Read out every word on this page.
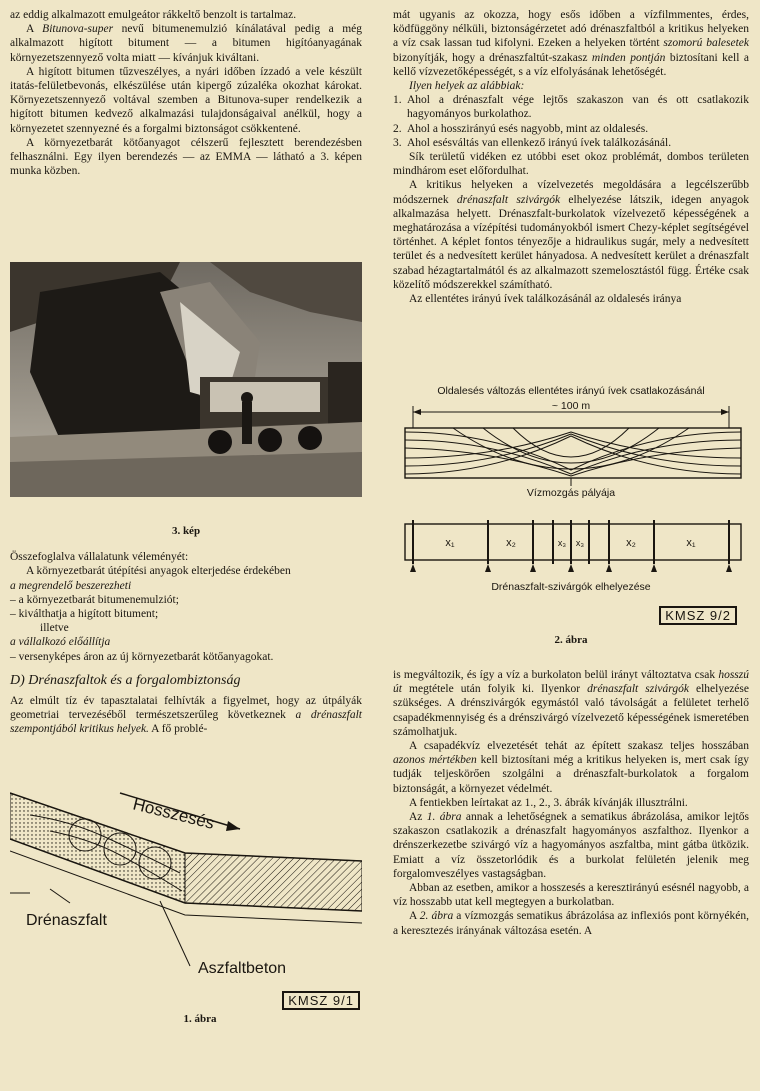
az eddig alkalmazott emulgeátor rákkeltő benzolt is tartalmaz.

A Bitunova-super nevű bitumenemulzió kínálatával pedig a még alkalmazott higított bitument — a bitumen higítóanyagának környezetszennyező volta miatt — kívánjuk kiváltani.

A higított bitumen tűzveszélyes, a nyári időben ízzadó a vele készült itatás-felületbevonás, elkészülése után kipergő zúzaléka okozhat károkat. Környezetszennyező voltával szemben a Bitunova-super rendelkezik a higított bitumen kedvező alkalmazási tulajdonságaival anélkül, hogy a környezetet szennyezné és a forgalmi biztonságot csökkentené.

A környezetbarát kötőanyagot célszerű fejlesztett berendezésben felhasználni. Egy ilyen berendezés — az EMMA — látható a 3. képen munka közben.

3. kép

Összefoglalva vállalatunk véleményét:

A környezetbarát útépítési anyagok elterjedése érdekében

a megrendelő beszerezheti

– a környezetbarát bitumenemulziót;

– kiválthatja a higított bitument;

illetve

a vállalkozó előállítja

– versenyképes áron az új környezetbarát kötőanyagokat.

D) Drénaszfaltok és a forgalombiztonság

Az elmúlt tíz év tapasztalatai felhívták a figyelmet, hogy az útpályák geometriai tervezéséből természetszerűleg következnek a drénaszfalt szempontjából kritikus helyek. A fő problé-

Hosszesés
Drénaszfalt
Aszfaltbeton
KMSZ 9/1
1. ábra

mát ugyanis az okozza, hogy esős időben a vízfilmmentes, érdes, ködfüggöny nélküli, biztonságérzetet adó drénaszfaltból a kritikus helyeken a víz csak lassan tud kifolyni. Ezeken a helyeken történt szomorú balesetek bizonyítják, hogy a drénaszfaltút-szakasz minden pontján biztosítani kell a kellő vízvezetőképességét, s a víz elfolyásának lehetőségét.

Ilyen helyek az alábbiak:

1. Ahol a drénaszfalt vége lejtős szakaszon van és ott csatlakozik hagyományos burkolathoz.
2. Ahol a hosszirányú esés nagyobb, mint az oldalesés.
3. Ahol esésváltás van ellenkező irányú ívek találkozásánál.

Sík területű vidéken ez utóbbi eset okoz problémát, dombos területen mindhárom eset előfordulhat.

A kritikus helyeken a vízelvezetés megoldására a legcélszerűbb módszernek drénaszfalt szivárgók elhelyezése látszik, idegen anyagok alkalmazása helyett. Drénaszfalt-burkolatok vízelvezető képességének a meghatározása a vízépítési tudományokból ismert Chezy-képlet segítségével történhet. A képlet fontos tényezője a hidraulikus sugár, mely a nedvesített terület és a nedvesített kerület hányadosa. A nedvesített kerület a drénaszfalt szabad hézagtartalmától és az alkalmazott szemelosztástól függ. Értéke csak közelítő módszerekkel számítható.

Az ellentétes irányú ívek találkozásánál az oldalesés iránya

Oldalesés változás ellentétes irányú ívek csatlakozásánál
~ 100 m
Vízmozgás pályája
x₁	x₂	x₃ x₃	x₂	x₁
Drénaszfalt-szivárgók elhelyezése
KMSZ 9/2
2. ábra

is megváltozik, és így a víz a burkolaton belül irányt változtatva csak hosszú út megtétele után folyik ki. Ilyenkor drénaszfalt szivárgók elhelyezése szükséges. A drénszivárgók egymástól való távolságát a felületet terhelő csapadékmennyiség és a drénszivárgó vízelvezető képességének ismeretében számolhatjuk.

A csapadékvíz elvezetését tehát az épített szakasz teljes hosszában azonos mértékben kell biztosítani még a kritikus helyeken is, mert csak így tudják teljeskörően szolgálni a drénaszfalt-burkolatok a forgalom biztonságát, a környezet védelmét.

A fentiekben leírtakat az 1., 2., 3. ábrák kívánják illusztrálni.

Az 1. ábra annak a lehetőségnek a sematikus ábrázolása, amikor lejtős szakaszon csatlakozik a drénaszfalt hagyományos aszfalthoz. Ilyenkor a drénszerkezetbe szivárgó víz a hagyományos aszfaltba, mint gátba ütközik. Emiatt a víz összetorlódik és a burkolat felületén jelenik meg forgalomveszélyes vastagságban.

Abban az esetben, amikor a hosszesés a keresztirányú esésnél nagyobb, a víz hosszabb utat kell megtegyen a burkolatban.

A 2. ábra a vízmozgás sematikus ábrázolása az inflexiós pont környékén, a keresztezés irányának változása esetén. A
